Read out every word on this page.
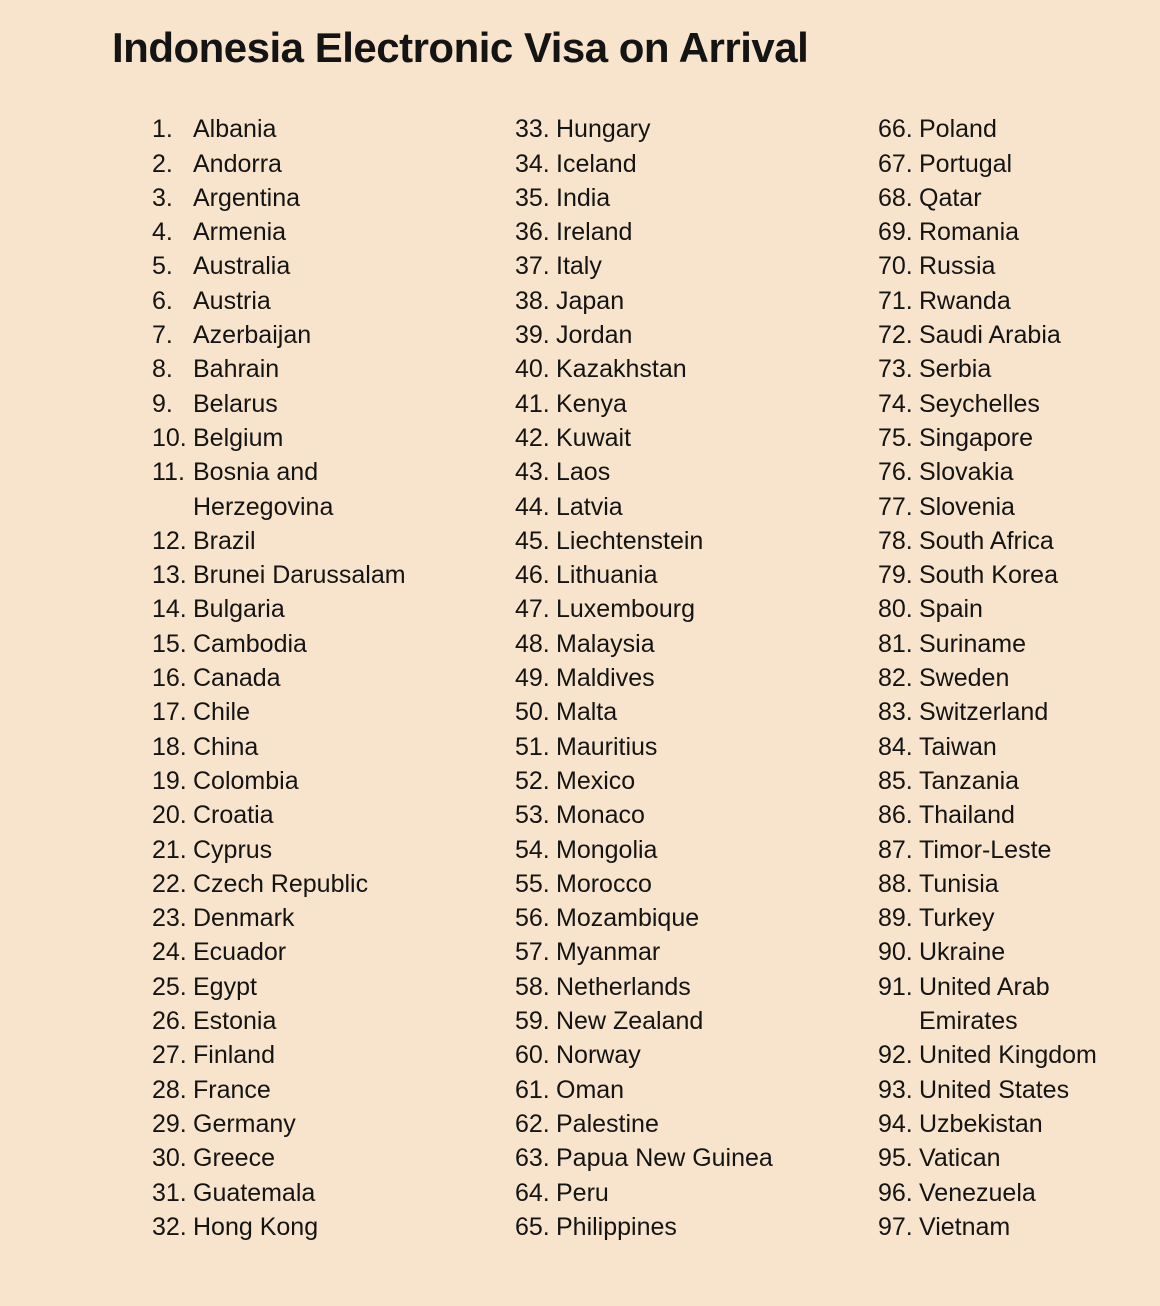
Indonesia Electronic Visa on Arrival
1. Albania
2. Andorra
3. Argentina
4. Armenia
5. Australia
6. Austria
7. Azerbaijan
8. Bahrain
9. Belarus
10. Belgium
11. Bosnia and Herzegovina
12. Brazil
13. Brunei Darussalam
14. Bulgaria
15. Cambodia
16. Canada
17. Chile
18. China
19. Colombia
20. Croatia
21. Cyprus
22. Czech Republic
23. Denmark
24. Ecuador
25. Egypt
26. Estonia
27. Finland
28. France
29. Germany
30. Greece
31. Guatemala
32. Hong Kong
33. Hungary
34. Iceland
35. India
36. Ireland
37. Italy
38. Japan
39. Jordan
40. Kazakhstan
41. Kenya
42. Kuwait
43. Laos
44. Latvia
45. Liechtenstein
46. Lithuania
47. Luxembourg
48. Malaysia
49. Maldives
50. Malta
51. Mauritius
52. Mexico
53. Monaco
54. Mongolia
55. Morocco
56. Mozambique
57. Myanmar
58. Netherlands
59. New Zealand
60. Norway
61. Oman
62. Palestine
63. Papua New Guinea
64. Peru
65. Philippines
66. Poland
67. Portugal
68. Qatar
69. Romania
70. Russia
71. Rwanda
72. Saudi Arabia
73. Serbia
74. Seychelles
75. Singapore
76. Slovakia
77. Slovenia
78. South Africa
79. South Korea
80. Spain
81. Suriname
82. Sweden
83. Switzerland
84. Taiwan
85. Tanzania
86. Thailand
87. Timor-Leste
88. Tunisia
89. Turkey
90. Ukraine
91. United Arab Emirates
92. United Kingdom
93. United States
94. Uzbekistan
95. Vatican
96. Venezuela
97. Vietnam
